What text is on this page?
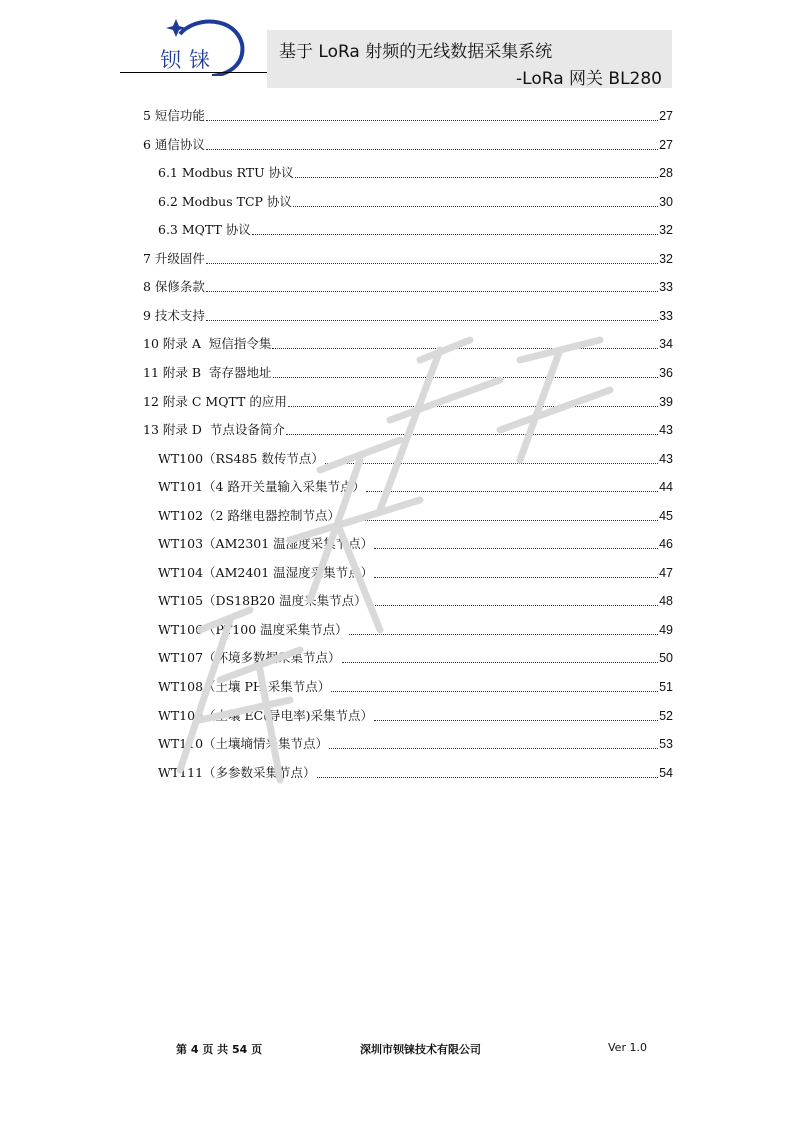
钡铼	基于 LoRa 射频的无线数据采集系统
-LoRa 网关 BL280
5 短信功能	27
6 通信协议	27
6.1 Modbus RTU 协议	28
6.2 Modbus TCP 协议	30
6.3 MQTT 协议	32
7 升级固件	32
8 保修条款	33
9 技术支持	33
10 附录 A  短信指令集	34
11 附录 B  寄存器地址	36
12 附录 C MQTT 的应用	39
13 附录 D  节点设备简介	43
WT100（RS485 数传节点）	43
WT101（4 路开关量输入采集节点）	44
WT102（2 路继电器控制节点）	45
WT103（AM2301 温湿度采集节点）	46
WT104（AM2401 温湿度采集节点）	47
WT105（DS18B20 温度采集节点）	48
WT106（PT100 温度采集节点）	49
WT107（环境多数据采集节点）	50
WT108（土壤 PH 采集节点）	51
WT109（土壤 EC(导电率)采集节点）	52
WT110（土壤墒情采集节点）	53
WT111（多参数采集节点）	54
第 4 页 共 54 页	深圳市钡铼技术有限公司	Ver 1.0
